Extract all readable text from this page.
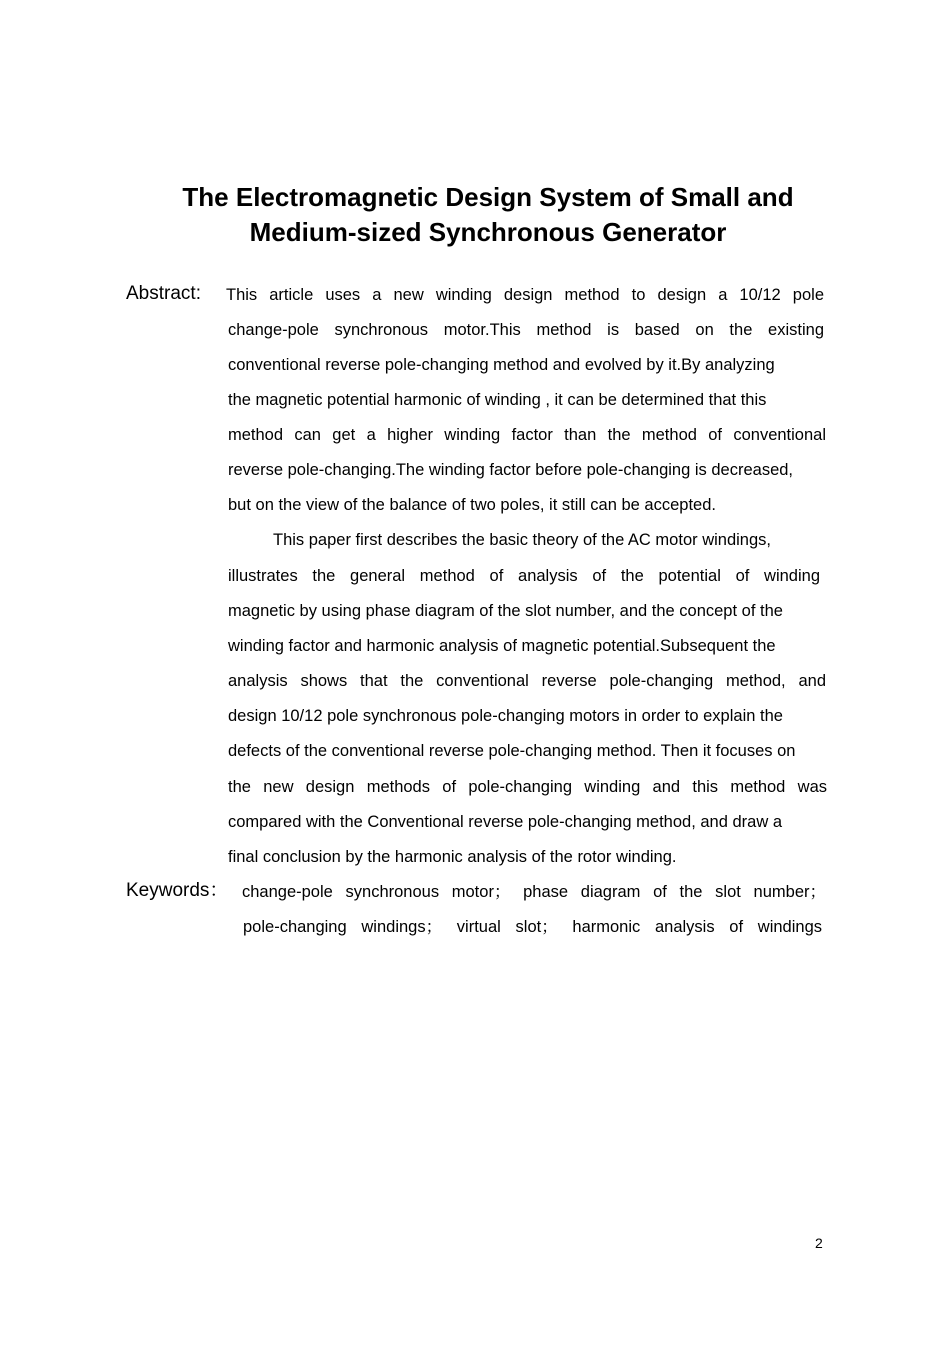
The Electromagnetic Design System of Small and
Medium-sized Synchronous Generator
Abstract: This article uses a new winding design method to design a 10/12 pole
change-pole synchronous motor.This method is based on the existing
conventional reverse pole-changing method and evolved by it.By analyzing
the magnetic potential harmonic of winding , it can be determined that this
method can get a higher winding factor than the method of conventional
reverse pole-changing.The winding factor before pole-changing is decreased,
but on the view of the balance of two poles, it still can be accepted.
This paper first describes the basic theory of the AC motor windings,
illustrates the general method of analysis of the potential of winding
magnetic by using phase diagram of the slot number, and the concept of the
winding factor and harmonic analysis of magnetic potential.Subsequent the
analysis shows that the conventional reverse pole-changing method, and
design 10/12 pole synchronous pole-changing motors in order to explain the
defects of the conventional reverse pole-changing method. Then it focuses on
the new design methods of pole-changing winding and this method was
compared with the Conventional reverse pole-changing method, and draw a
final conclusion by the harmonic analysis of the rotor winding.
Keywords： change-pole synchronous motor； phase diagram of the slot number；
pole-changing windings； virtual slot； harmonic analysis of windings
2
